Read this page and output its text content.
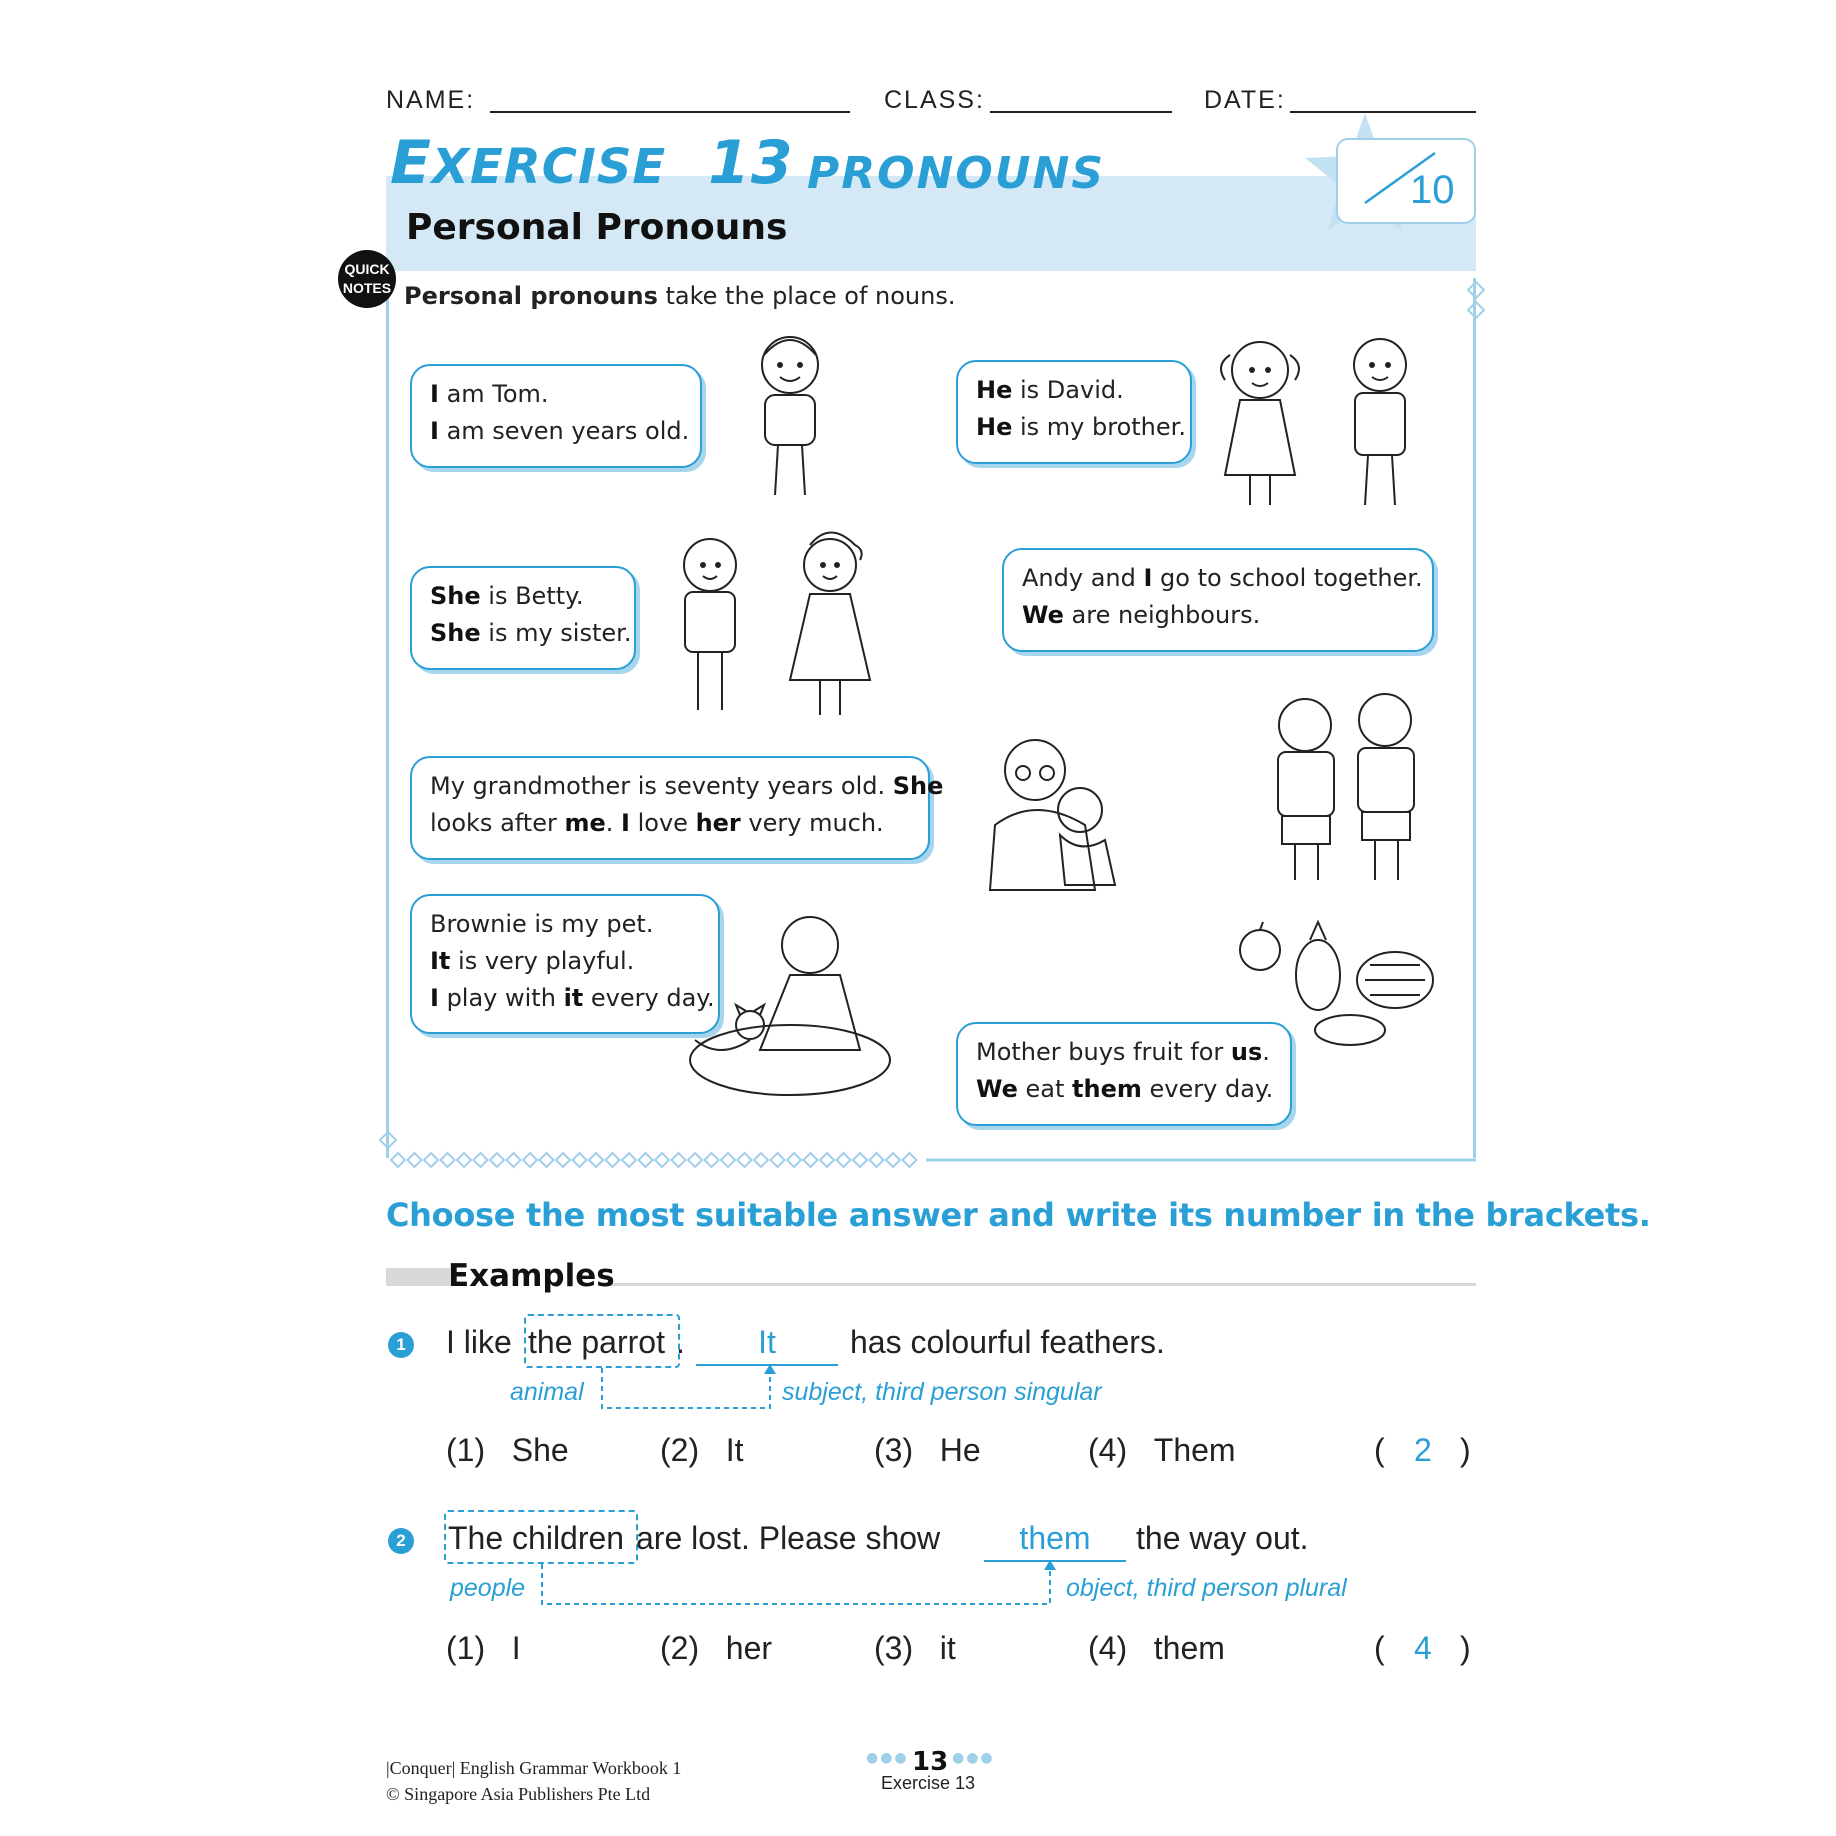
NAME:	CLASS:	DATE:
10
EXERCISE 13 PRONOUNS
Personal Pronouns
QUICK
NOTES Personal pronouns take the place of nouns.
I am Tom.
I am seven years old.
He is David.
He is my brother.
She is Betty.
She is my sister.
Andy and I go to school together.
We are neighbours.
My grandmother is seventy years old. She
looks after me. I love her very much.
Brownie is my pet.
It is very playful.
I play with it every day.
Mother buys fruit for us.
We eat them every day.
Choose the most suitable answer and write its number in the brackets.
Examples
1 I like the parrot .	It	has colourful feathers.
animal	subject, third person singular
(1) She	(2) It	(3) He	(4) Them	( 2 )
2 The children are lost. Please show	them	the way out.
people	object, third person plural
(1) I	(2) her	(3) it	(4) them	( 4 )
|Conquer| English Grammar Workbook 1
© Singapore Asia Publishers Pte Ltd
●●● 13 ●●●
Exercise 13
